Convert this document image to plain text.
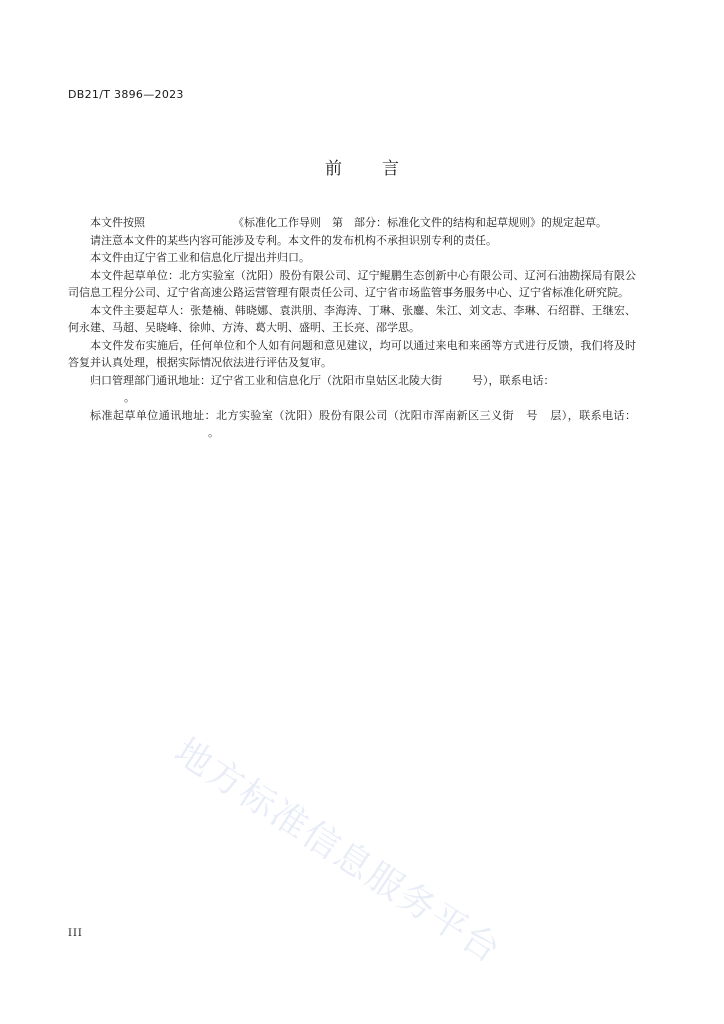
DB21/T 3896—2023
前言

本文件按照	《标准化工作导则　第 部分：标准化文件的结构和起草规则》的规定起草。

请注意本文件的某些内容可能涉及专利。本文件的发布机构不承担识别专利的责任。

本文件由辽宁省工业和信息化厅提出并归口。

本文件起草单位：北方实验室（沈阳）股份有限公司、辽宁鲲鹏生态创新中心有限公司、辽河石油勘探局有限公司信息工程分公司、辽宁省高速公路运营管理有限责任公司、辽宁省市场监管事务服务中心、辽宁省标准化研究院。

本文件主要起草人：张楚楠、韩晓娜、袁洪朋、李海涛、丁琳、张鏖、朱江、刘文志、李琳、石绍群、王继宏、何永建、马超、吴晓峰、徐帅、方涛、葛大明、盛明、王长亮、邵学思。

本文件发布实施后，任何单位和个人如有问题和意见建议，均可以通过来电和来函等方式进行反馈，我们将及时答复并认真处理，根据实际情况依法进行评估及复审。

归口管理部门通讯地址：辽宁省工业和信息化厅（沈阳市皇姑区北陵大街	号），联系电话：
。

标准起草单位通讯地址：北方实验室（沈阳）股份有限公司（沈阳市浑南新区三义街 号 层），联系电话：。

地方标准信息服务平台
III
